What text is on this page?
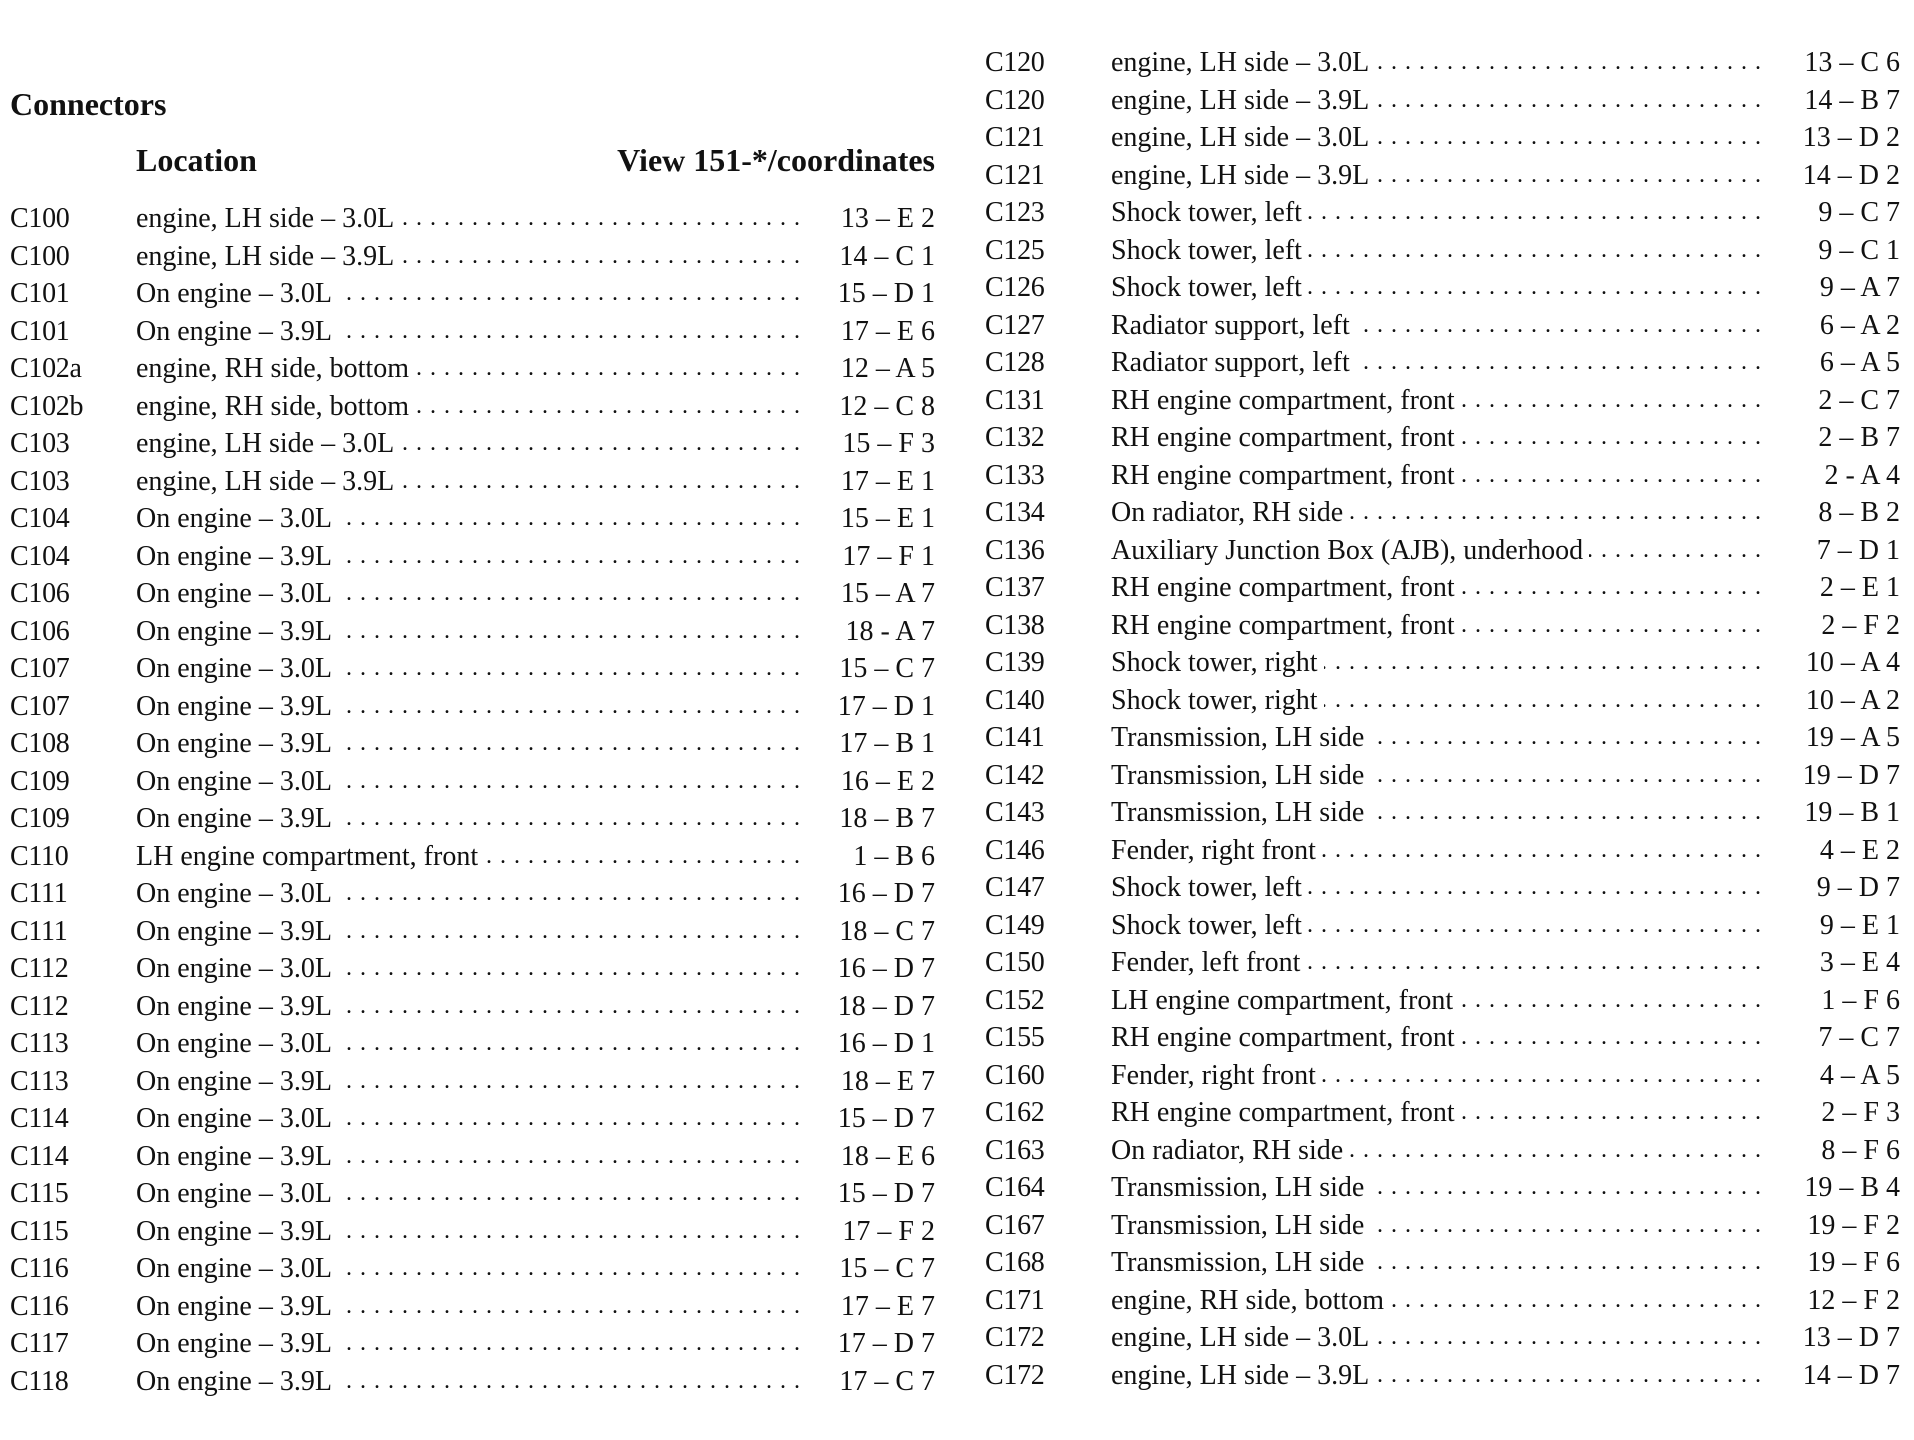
Connectors
Location	View 151-*/coordinates
C100	engine, LH side – 3.0L . . .	13 – E 2
C100	engine, LH side – 3.9L . . .	14 – C 1
C101	On engine – 3.0L . . .	15 – D 1
C101	On engine – 3.9L . . .	17 – E 6
C102a	engine, RH side, bottom . . .	12 – A 5
C102b	engine, RH side, bottom . . .	12 – C 8
C103	engine, LH side – 3.0L . . .	15 – F 3
C103	engine, LH side – 3.9L . . .	17 – E 1
C104	On engine – 3.0L . . .	15 – E 1
C104	On engine – 3.9L . . .	17 – F 1
C106	On engine – 3.0L . . .	15 – A 7
C106	On engine – 3.9L . . .	18 - A 7
C107	On engine – 3.0L . . .	15 – C 7
C107	On engine – 3.9L . . .	17 – D 1
C108	On engine – 3.9L . . .	17 – B 1
C109	On engine – 3.0L . . .	16 – E 2
C109	On engine – 3.9L . . .	18 – B 7
C110	LH engine compartment, front . . .	1 – B 6
C111	On engine – 3.0L . . .	16 – D 7
C111	On engine – 3.9L . . .	18 – C 7
C112	On engine – 3.0L . . .	16 – D 7
C112	On engine – 3.9L . . .	18 – D 7
C113	On engine – 3.0L . . .	16 – D 1
C113	On engine – 3.9L . . .	18 – E 7
C114	On engine – 3.0L . . .	15 – D 7
C114	On engine – 3.9L . . .	18 – E 6
C115	On engine – 3.0L . . .	15 – D 7
C115	On engine – 3.9L . . .	17 – F 2
C116	On engine – 3.0L . . .	15 – C 7
C116	On engine – 3.9L . . .	17 – E 7
C117	On engine – 3.9L . . .	17 – D 7
C118	On engine – 3.9L . . .	17 – C 7
C120	engine, LH side – 3.0L . . .	13 – C 6
C120	engine, LH side – 3.9L . . .	14 – B 7
C121	engine, LH side – 3.0L . . .	13 – D 2
C121	engine, LH side – 3.9L . . .	14 – D 2
C123	Shock tower, left . . .	9 – C 7
C125	Shock tower, left . . .	9 – C 1
C126	Shock tower, left . . .	9 – A 7
C127	Radiator support, left . . .	6 – A 2
C128	Radiator support, left . . .	6 – A 5
C131	RH engine compartment, front . . .	2 – C 7
C132	RH engine compartment, front . . .	2 – B 7
C133	RH engine compartment, front . . .	2 - A 4
C134	On radiator, RH side . . .	8 – B 2
C136	Auxiliary Junction Box (AJB), underhood . . .	7 – D 1
C137	RH engine compartment, front . . .	2 – E 1
C138	RH engine compartment, front . . .	2 – F 2
C139	Shock tower, right . . .	10 – A 4
C140	Shock tower, right . . .	10 – A 2
C141	Transmission, LH side . . .	19 – A 5
C142	Transmission, LH side . . .	19 – D 7
C143	Transmission, LH side . . .	19 – B 1
C146	Fender, right front . . .	4 – E 2
C147	Shock tower, left . . .	9 – D 7
C149	Shock tower, left . . .	9 – E 1
C150	Fender, left front . . .	3 – E 4
C152	LH engine compartment, front . . .	1 – F 6
C155	RH engine compartment, front . . .	7 – C 7
C160	Fender, right front . . .	4 – A 5
C162	RH engine compartment, front . . .	2 – F 3
C163	On radiator, RH side . . .	8 – F 6
C164	Transmission, LH side . . .	19 – B 4
C167	Transmission, LH side . . .	19 – F 2
C168	Transmission, LH side . . .	19 – F 6
C171	engine, RH side, bottom . . .	12 – F 2
C172	engine, LH side – 3.0L . . .	13 – D 7
C172	engine, LH side – 3.9L . . .	14 – D 7
